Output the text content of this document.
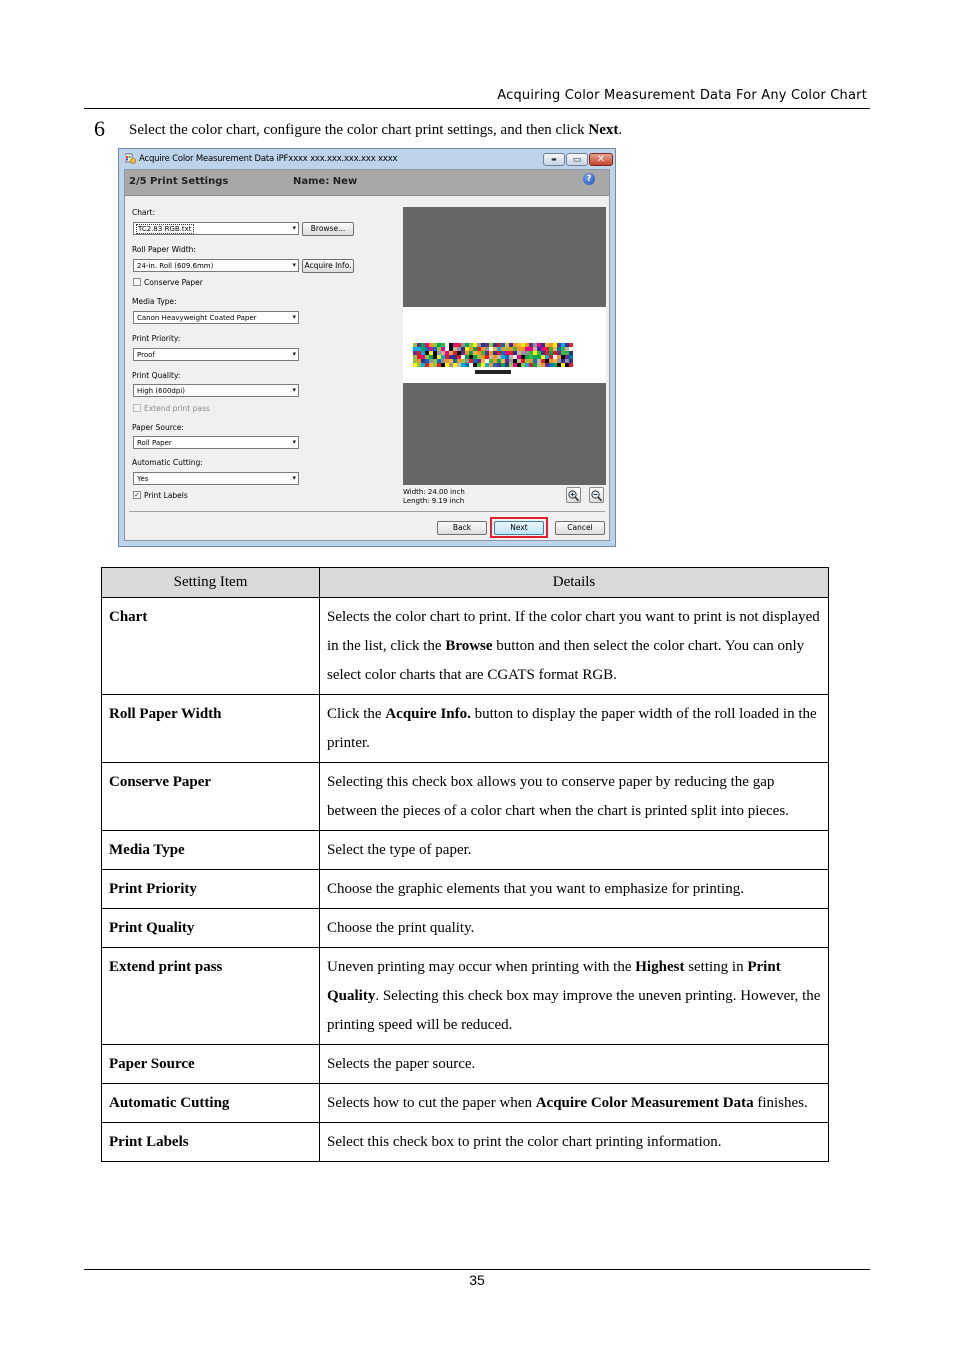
Acquiring Color Measurement Data For Any Color Chart
6 Select the color chart, configure the color chart print settings, and then click Next.
Acquire Color Measurement Data iPFxxxx xxx.xxx.xxx.xxx xxxx	▬ ▭ ✕
2/5 Print Settings	Name: New	?
Chart:
TC2.83 RGB.txt	▾	Browse...
Roll Paper Width:
24-in. Roll (609.6mm)	▾	Acquire Info.
Conserve Paper
Media Type:
Canon Heavyweight Coated Paper	▾
Print Priority:
Proof	▾
Print Quality:
High (600dpi)	▾
Extend print pass
Paper Source:
Roll Paper	▾
Automatic Cutting:
Yes	▾
✓ Print Labels	Width: 24.00 inch
Length: 9.19 inch
Back	Next	Cancel
Setting Item	Details
Chart	Selects the color chart to print. If the color chart you want to print is not displayed in the list, click the Browse button and then select the color chart. You can only select color charts that are CGATS format RGB.
Roll Paper Width	Click the Acquire Info. button to display the paper width of the roll loaded in the printer.
Conserve Paper	Selecting this check box allows you to conserve paper by reducing the gap between the pieces of a color chart when the chart is printed split into pieces.
Media Type	Select the type of paper.
Print Priority	Choose the graphic elements that you want to emphasize for printing.
Print Quality	Choose the print quality.
Extend print pass	Uneven printing may occur when printing with the Highest setting in Print Quality. Selecting this check box may improve the uneven printing. However, the printing speed will be reduced.
Paper Source	Selects the paper source.
Automatic Cutting	Selects how to cut the paper when Acquire Color Measurement Data finishes.
Print Labels	Select this check box to print the color chart printing information.
35
